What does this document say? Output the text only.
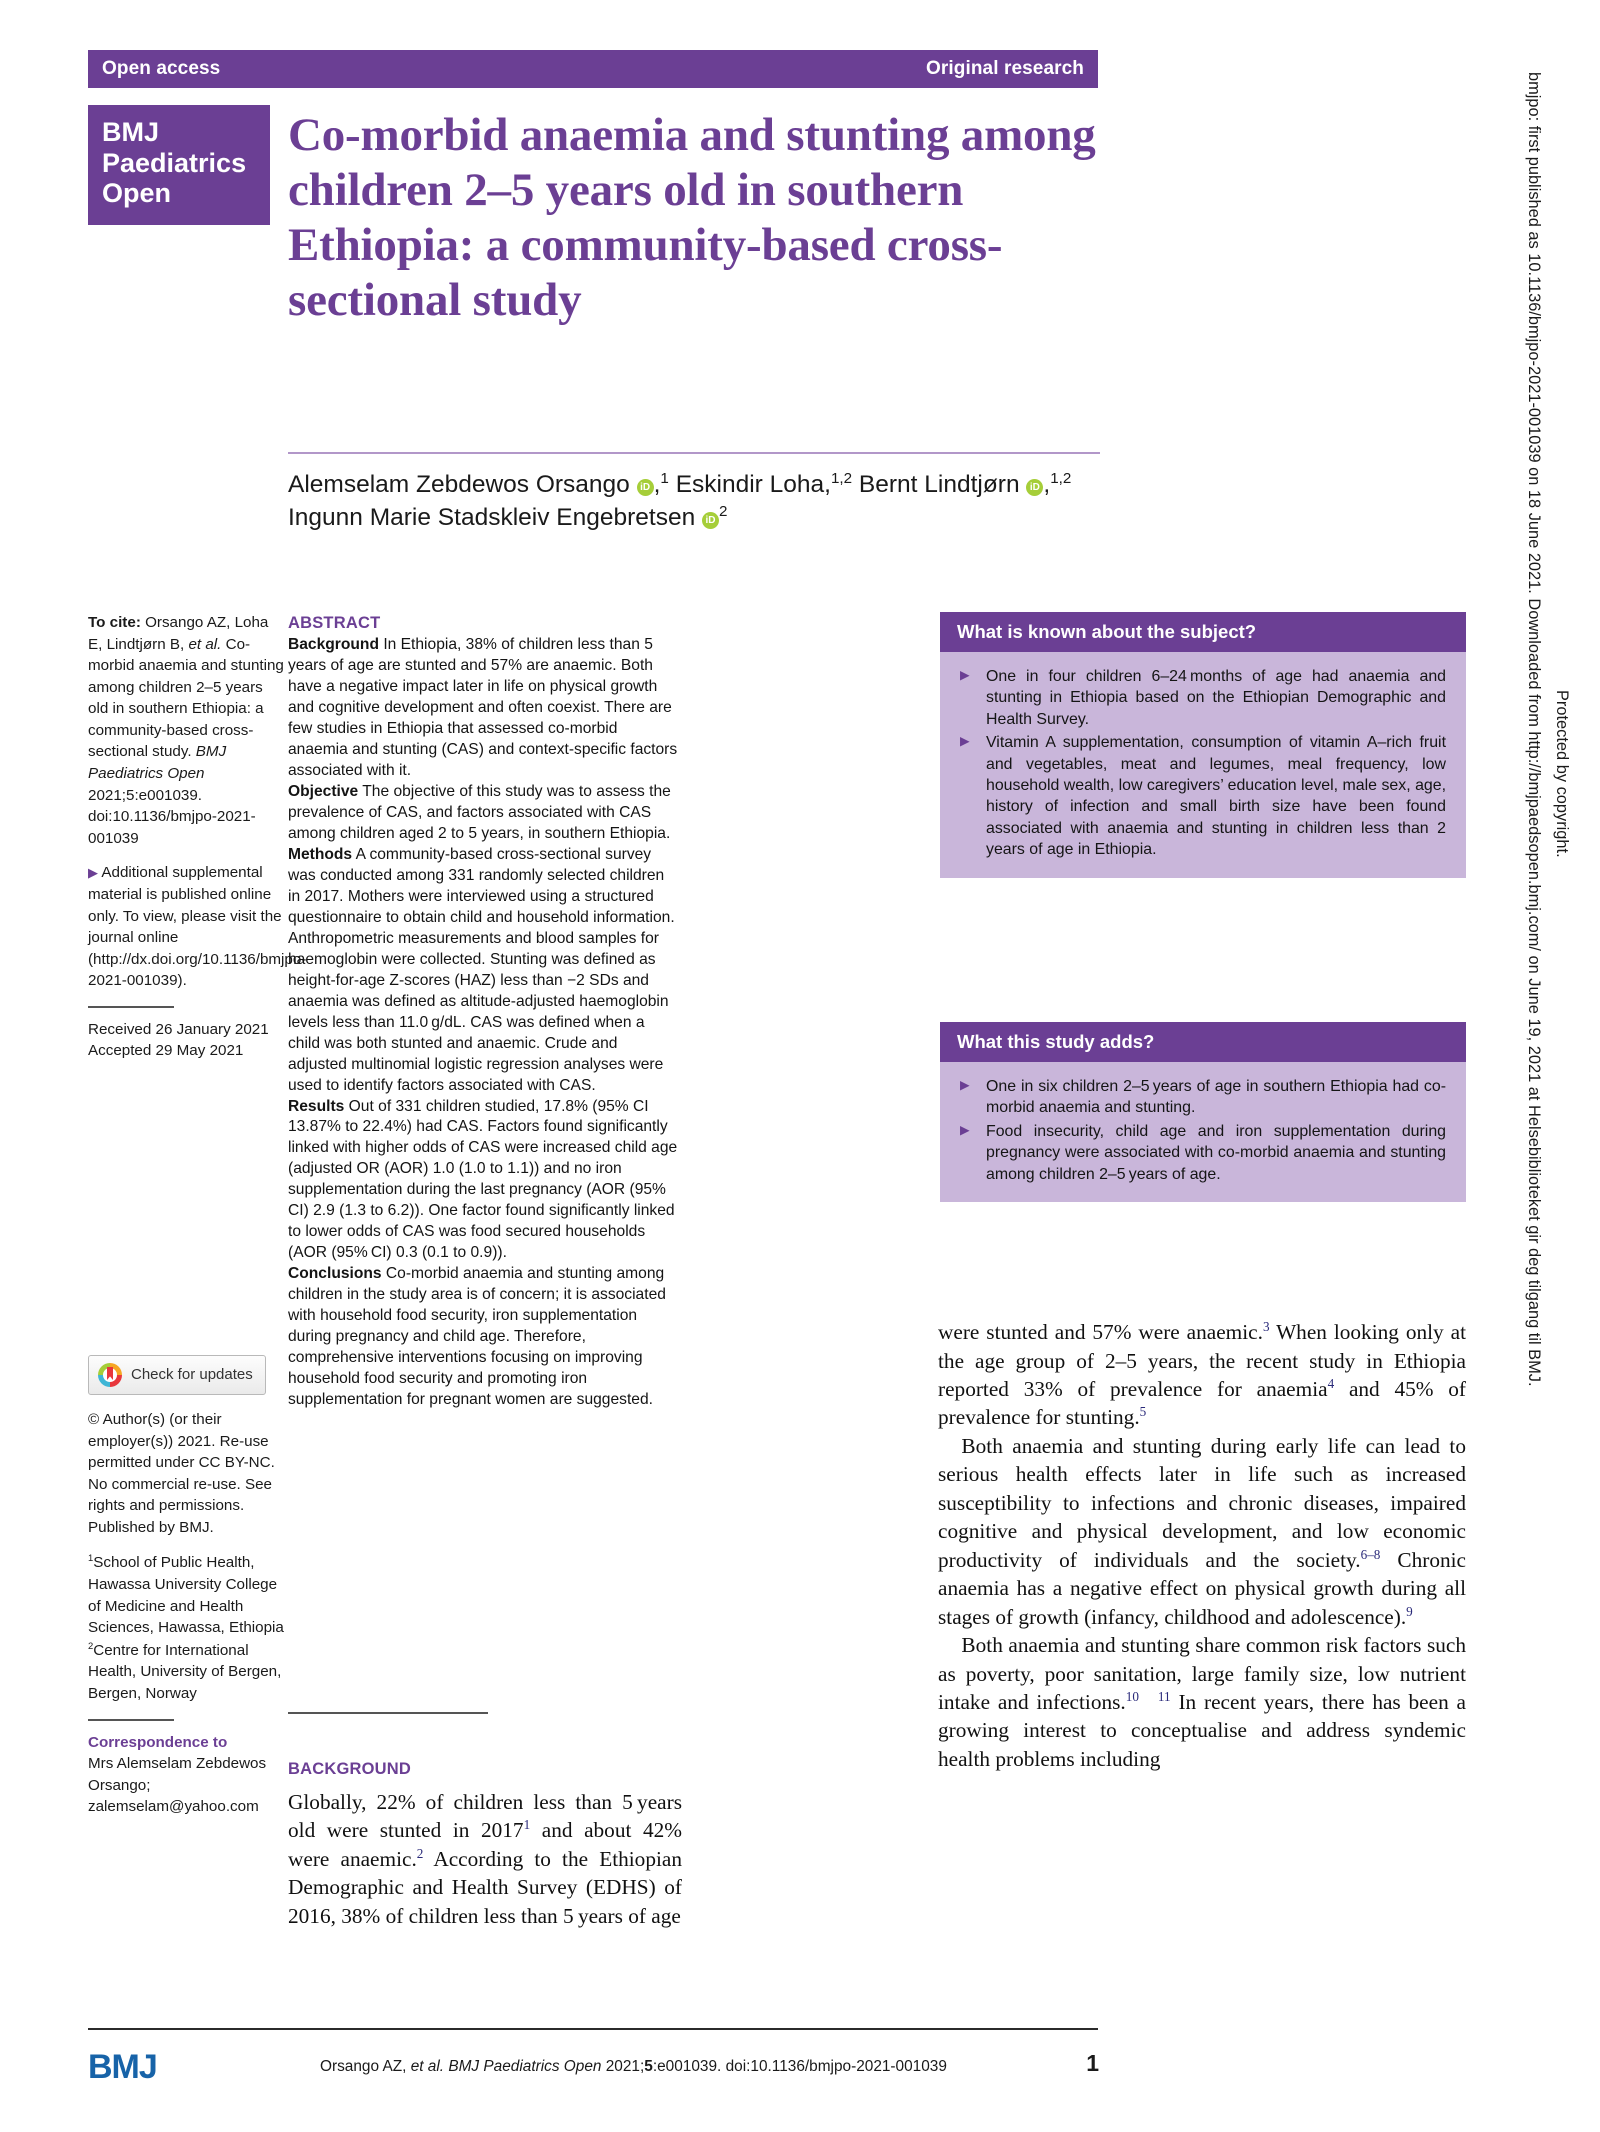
Open access	Original research
BMJ
Paediatrics
Open
Co-morbid anaemia and stunting among children 2–5 years old in southern Ethiopia: a community-based cross-sectional study
Alemselam Zebdewos Orsango iD ,$^1$ Eskindir Loha,$^{1,2}$ Bernt Lindtjørn iD ,$^{1,2}$
Ingunn Marie Stadskleiv Engebretsen $iD^2$

To cite: Orsango AZ, Loha E, Lindtjørn B, et al. Co-morbid anaemia and stunting among children 2–5 years old in southern Ethiopia: a community-based cross-sectional study. BMJ Paediatrics Open 2021;5:e001039. doi:10.1136/bmjpo-2021-001039

▶ Additional supplemental material is published online only. To view, please visit the journal online (http://dx.doi.org/10.1136/bmjpo-2021-001039).

Received 26 January 2021

Accepted 29 May 2021

Check for updates

© Author(s) (or their employer(s)) 2021. Re-use permitted under CC BY-NC. No commercial re-use. See rights and permissions. Published by BMJ.

$^1$School of Public Health, Hawassa University College of Medicine and Health Sciences, Hawassa, Ethiopia

$^2$Centre for International Health, University of Bergen, Bergen, Norway

Correspondence to
Mrs Alemselam Zebdewos Orsango; zalemselam@yahoo.com

ABSTRACT

Background In Ethiopia, 38% of children less than 5 years of age are stunted and 57% are anaemic. Both have a negative impact later in life on physical growth and cognitive development and often coexist. There are few studies in Ethiopia that assessed co-morbid anaemia and stunting (CAS) and context-specific factors associated with it.

Objective The objective of this study was to assess the prevalence of CAS, and factors associated with CAS among children aged 2 to 5 years, in southern Ethiopia.

Methods A community-based cross-sectional survey was conducted among 331 randomly selected children in 2017. Mothers were interviewed using a structured questionnaire to obtain child and household information. Anthropometric measurements and blood samples for haemoglobin were collected. Stunting was defined as height-for-age Z-scores (HAZ) less than −2 SDs and anaemia was defined as altitude-adjusted haemoglobin levels less than 11.0 g/dL. CAS was defined when a child was both stunted and anaemic. Crude and adjusted multinomial logistic regression analyses were used to identify factors associated with CAS.

Results Out of 331 children studied, 17.8% (95% CI 13.87% to 22.4%) had CAS. Factors found significantly linked with higher odds of CAS were increased child age (adjusted OR (AOR) 1.0 (1.0 to 1.1)) and no iron supplementation during the last pregnancy (AOR (95% CI) 2.9 (1.3 to 6.2)). One factor found significantly linked to lower odds of CAS was food secured households (AOR (95% CI) 0.3 (0.1 to 0.9)).

Conclusions Co-morbid anaemia and stunting among children in the study area is of concern; it is associated with household food security, iron supplementation during pregnancy and child age. Therefore, comprehensive interventions focusing on improving household food security and promoting iron supplementation for pregnant women are suggested.

BACKGROUND
Globally, 22% of children less than 5 years old were stunted in 2017$^1$ and about 42% were anaemic.$^2$ According to the Ethiopian Demographic and Health Survey (EDHS) of 2016, 38% of children less than 5 years of age
What is known about the subject?
▶ One in four children 6–24 months of age had anaemia and stunting in Ethiopia based on the Ethiopian Demographic and Health Survey.
▶ Vitamin A supplementation, consumption of vitamin A–rich fruit and vegetables, meat and legumes, meal frequency, low household wealth, low caregivers’ education level, male sex, age, history of infection and small birth size have been found associated with anaemia and stunting in children less than 2 years of age in Ethiopia.
What this study adds?
▶ One in six children 2–5 years of age in southern Ethiopia had co-morbid anaemia and stunting.
▶ Food insecurity, child age and iron supplementation during pregnancy were associated with co-morbid anaemia and stunting among children 2–5 years of age.

were stunted and 57% were anaemic.$^3$ When looking only at the age group of 2–5 years, the recent study in Ethiopia reported 33% of prevalence for anaemia$^4$ and 45% of prevalence for stunting.$^5$

Both anaemia and stunting during early life can lead to serious health effects later in life such as increased susceptibility to infections and chronic diseases, impaired cognitive and physical development, and low economic productivity of individuals and the society.$^{6-8}$ Chronic anaemia has a negative effect on physical growth during all stages of growth (infancy, childhood and adolescence).$^9$

Both anaemia and stunting share common risk factors such as poverty, poor sanitation, large family size, low nutrient intake and infections.$^{10 11}$ In recent years, there has been a growing interest to conceptualise and address syndemic health problems including

BMJ	Orsango AZ, et al. BMJ Paediatrics Open 2021;5:e001039. doi:10.1136/bmjpo-2021-001039	1
bmjpo: first published as 10.1136/bmjpo-2021-001039 on 18 June 2021. Downloaded from http://bmjpaedsopen.bmj.com/ on June 19, 2021 at Helsebiblioteket gir deg tilgang til BMJ. Protected by copyright.
